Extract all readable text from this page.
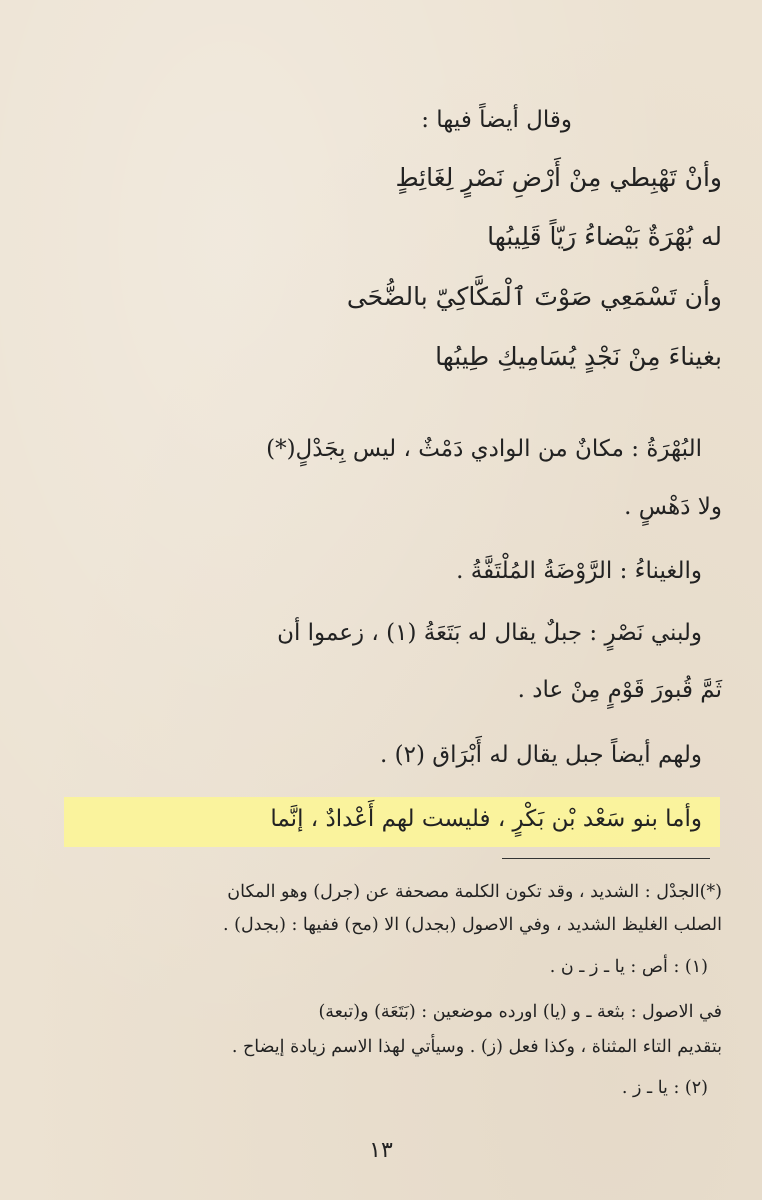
وقال أيضاً فيها :
وأنْ تَهْبِطي مِنْ أَرْضِ نَصْرٍ لِغَائِطٍ
له بُهْرَةٌ بَيْضاءُ رَيّاً قَلِيبُها
وأن تَسْمَعِي صَوْتَ ٱلْمَكَّاكِيّ بالضُّحَى
بغيناءَ مِنْ نَجْدٍ يُسَامِيكِ طِيبُها
البُهْرَةُ : مكانٌ من الوادي دَمْثٌ ، ليس بِجَدْلٍ(*)
ولا دَهْسٍ .
والغيناءُ : الرَّوْضَةُ المُلْتَفَّةُ .
ولبني نَصْرٍ : جبلٌ يقال له بَتَعَةُ (١) ، زعموا أن
ثَمَّ قُبورَ قَوْمٍ مِنْ عاد .
ولهم أيضاً جبل يقال له أَبْرَاق (٢) .
وأما بنو سَعْد بْن بَكْرٍ ، فليست لهم أَعْدادٌ ، إنَّما
(*)الجدْل : الشديد ، وقد تكون الكلمة مصحفة عن (جرل) وهو المكان
الصلب الغليظ الشديد ، وفي الاصول (بجدل) الا (مح) ففيها : (بجدل) .
(١) : أص : يا ـ ز ـ ن .
في الاصول : بثعة ـ و (يا) اورده موضعين : (بَتَعَة) و(تبعة)
بتقديم التاء المثناة ، وكذا فعل (ز) . وسيأتي لهذا الاسم زيادة إيضاح .
(٢) : يا ـ ز .
١٣
